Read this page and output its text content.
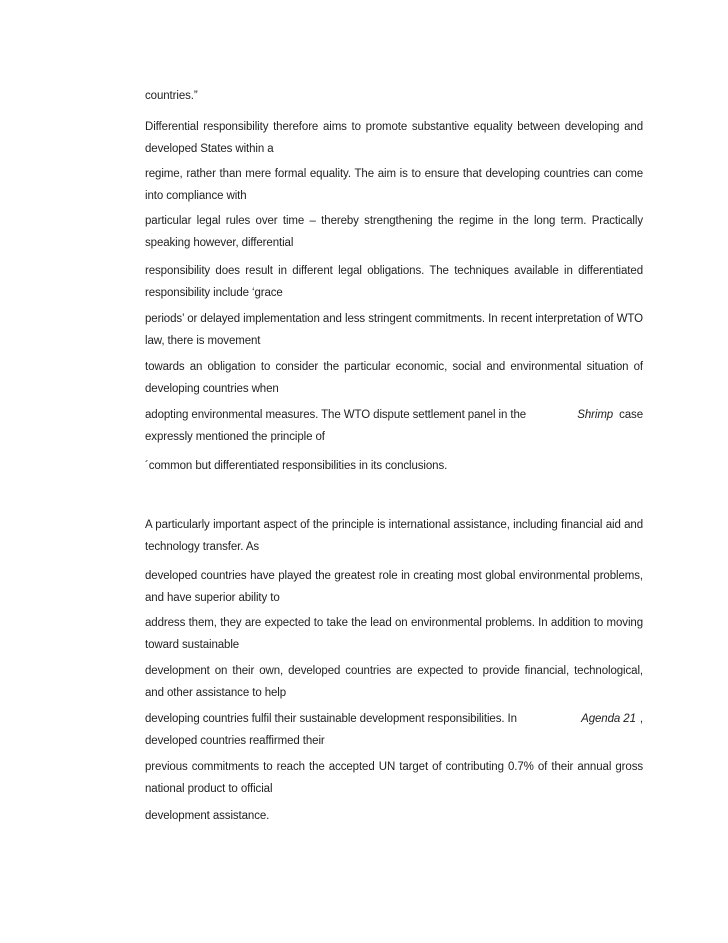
countries.”

Differential responsibility therefore aims to promote substantive equality between developing and developed States within a

regime, rather than mere formal equality. The aim is to ensure that developing countries can come into compliance with

particular legal rules over time – thereby strengthening the regime in the long term. Practically speaking however, differential

responsibility does result in different legal obligations. The techniques available in differentiated responsibility include ‘grace

periods’ or delayed implementation and less stringent commitments. In recent interpretation of WTO law, there is movement

towards an obligation to consider the particular economic, social and environmental situation of developing countries when

adopting environmental measures. The WTO dispute settlement panel in the	Shrimp case
expressly mentioned the principle of

´common but differentiated responsibilities in its conclusions.

A particularly important aspect of the principle is international assistance, including financial aid and technology transfer. As

developed countries have played the greatest role in creating most global environmental problems, and have superior ability to

address them, they are expected to take the lead on environmental problems. In addition to moving toward sustainable

development on their own, developed countries are expected to provide financial, technological, and other assistance to help

developing countries fulfil their sustainable development responsibilities. In	Agenda 21 ,
developed countries reaffirmed their

previous commitments to reach the accepted UN target of contributing 0.7% of their annual gross national product to official

development assistance.
